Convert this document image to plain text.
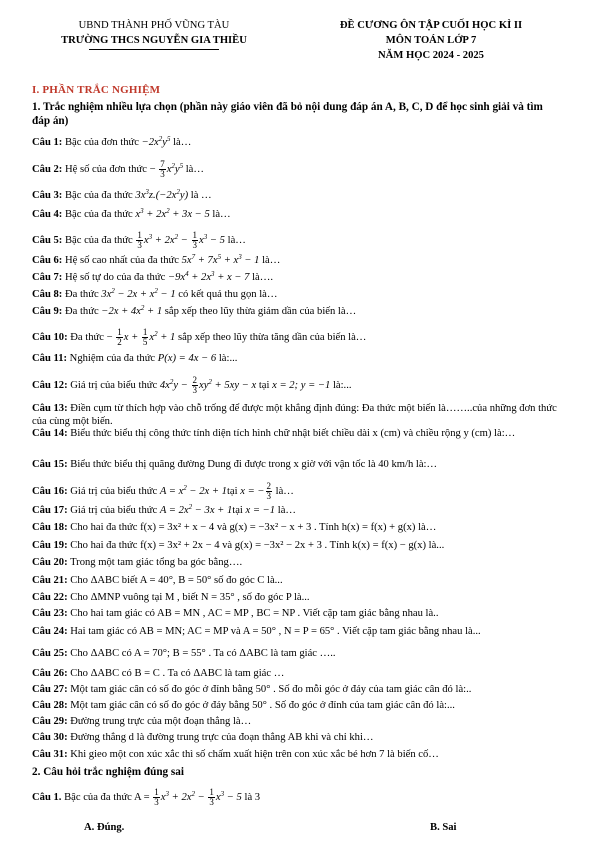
UBND THÀNH PHỐ VŨNG TÀU
TRƯỜNG THCS NGUYỄN GIA THIỀU
ĐỀ CƯƠNG ÔN TẬP CUỐI HỌC KÌ II
MÔN TOÁN LỚP 7
NĂM HỌC 2024 - 2025
I. PHẦN TRẮC NGHIỆM
1. Trắc nghiệm nhiều lựa chọn (phần này giáo viên đã bỏ nội dung đáp án A, B, C, D để học sinh giải và tìm đáp án)
Câu 1: Bậc của đơn thức $-2x^2y^5$ là…
Câu 2: Hệ số của đơn thức − $\frac{7}{3} x^2y^5$ là…
Câu 3: Bậc của đa thức $3x^3z.(-2x^2y)$ là …
Câu 4: Bậc của đa thức $x^3 + 2x^2 + 3x - 5$ là…
Câu 5: Bậc của đa thức $\frac{1}{3} x^3 + 2x^2 - \frac{1}{3} x^3 - 5$ là…
Câu 6: Hệ số cao nhất của đa thức $5x^7 + 7x^5 + x^3 - 1$ là…
Câu 7: Hệ số tự do của đa thức $-9x^4 + 2x^3 + x - 7$ là….
Câu 8: Đa thức $3x^2 - 2x + x^2 - 1$ có kết quả thu gọn là…
Câu 9: Đa thức $-2x + 4x^2 + 1$ sắp xếp theo lũy thừa giảm dần của biến là…
Câu 10: Đa thức − $\frac{1}{2}$ $x + \frac{1}{5} x^2 + 1$ sắp xếp theo lũy thừa tăng dần của biến là…
Câu 11: Nghiệm của đa thức P(x) = 4x − 6 là:...
Câu 12: Giá trị của biểu thức $4x^2y - \frac{2}{3} xy^2 + 5xy - x$ tại x = 2; y = −1 là:...
Câu 13: Điền cụm từ thích hợp vào chỗ trống để được một khẳng định đúng: Đa thức một biến là……..của những đơn thức của cùng một biến.
Câu 14: Biểu thức biểu thị công thức tính diện tích hình chữ nhật biết chiều dài x (cm) và chiều rộng y (cm) là:…
Câu 15: Biểu thức biểu thị quãng đường Dung đi được trong x giờ với vận tốc là 40 km/h là:…
Câu 16: Giá trị của biểu thức $A = x^2 - 2x$ + 1tại x = − $\frac{2}{3}$ là…
Câu 17: Giá trị của biểu thức $A = 2x^2 - 3x$ + 1tại x = −1 là…
Câu 18: Cho hai đa thức f(x) = 3x² + x − 4 và g(x) = −3x² − x + 3 . Tính h(x) = f(x) + g(x) là…
Câu 19: Cho hai đa thức f(x) = 3x² + 2x − 4 và g(x) = −3x² − 2x + 3 . Tính k(x) = f(x) − g(x) là...
Câu 20: Trong một tam giác tổng ba góc bằng….
Câu 21: Cho ΔABC biết A = 40°, B = 50° số đo góc C là...
Câu 22: Cho ΔMNP vuông tại M , biết N = 35° , số đo góc P là...
Câu 23: Cho hai tam giác có AB = MN , AC = MP , BC = NP . Viết cặp tam giác bằng nhau là..
Câu 24: Hai tam giác có AB = MN; AC = MP và A = 50° , N = P = 65° . Viết cặp tam giác bằng nhau là...
Câu 25: Cho ΔABC có A = 70°; B = 55° . Ta có ΔABC là tam giác …..
Câu 26: Cho ΔABC có B = C . Ta có ΔABC là tam giác …
Câu 27: Một tam giác cân có số đo góc ở đỉnh bằng 50° . Số đo mỗi góc ở đáy của tam giác cân đó là:..
Câu 28: Một tam giác cân có số đo góc ở đáy bằng 50° . Số đo góc ở đỉnh của tam giác cân đó là:...
Câu 29: Đường trung trực của một đoạn thẳng là…
Câu 30: Đường thẳng d là đường trung trực của đoạn thẳng AB khi và chỉ khi…
Câu 31: Khi gieo một con xúc xắc thì số chấm xuất hiện trên con xúc xắc bé hơn 7 là biến cố…
2. Câu hỏi trắc nghiệm đúng sai
Câu 1. Bậc của đa thức $A = \frac{1}{3} x^3 + 2x^2 - \frac{1}{3} x^3 - 5$ là 3
A. Đúng.	B. Sai
